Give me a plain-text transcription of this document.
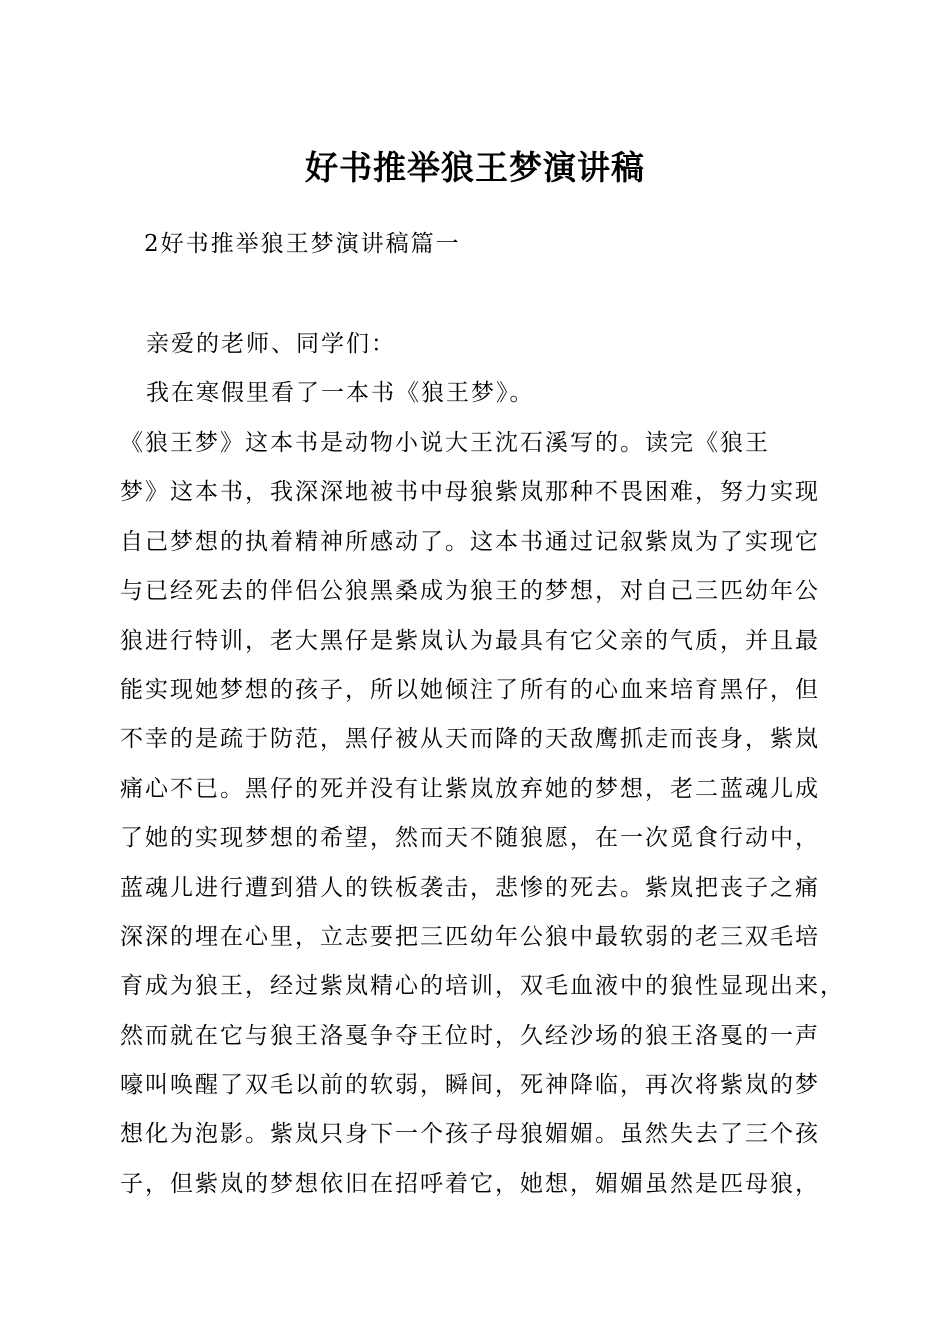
好书推举狼王梦演讲稿
2好书推举狼王梦演讲稿篇一
亲爱的老师、同学们：
我在寒假里看了一本书《狼王梦》。
《狼王梦》这本书是动物小说大王沈石溪写的。读完《狼王
梦》这本书，我深深地被书中母狼紫岚那种不畏困难，努力实现
自己梦想的执着精神所感动了。这本书通过记叙紫岚为了实现它
与已经死去的伴侣公狼黑桑成为狼王的梦想，对自己三匹幼年公
狼进行特训，老大黑仔是紫岚认为最具有它父亲的气质，并且最
能实现她梦想的孩子，所以她倾注了所有的心血来培育黑仔，但
不幸的是疏于防范，黑仔被从天而降的天敌鹰抓走而丧身，紫岚
痛心不已。黑仔的死并没有让紫岚放弃她的梦想，老二蓝魂儿成
了她的实现梦想的希望，然而天不随狼愿，在一次觅食行动中，
蓝魂儿进行遭到猎人的铁板袭击，悲惨的死去。紫岚把丧子之痛
深深的埋在心里，立志要把三匹幼年公狼中最软弱的老三双毛培
育成为狼王，经过紫岚精心的培训，双毛血液中的狼性显现出来，
然而就在它与狼王洛戛争夺王位时，久经沙场的狼王洛戛的一声
嚎叫唤醒了双毛以前的软弱，瞬间，死神降临，再次将紫岚的梦
想化为泡影。紫岚只身下一个孩子母狼媚媚。虽然失去了三个孩
子，但紫岚的梦想依旧在招呼着它，她想，媚媚虽然是匹母狼，
